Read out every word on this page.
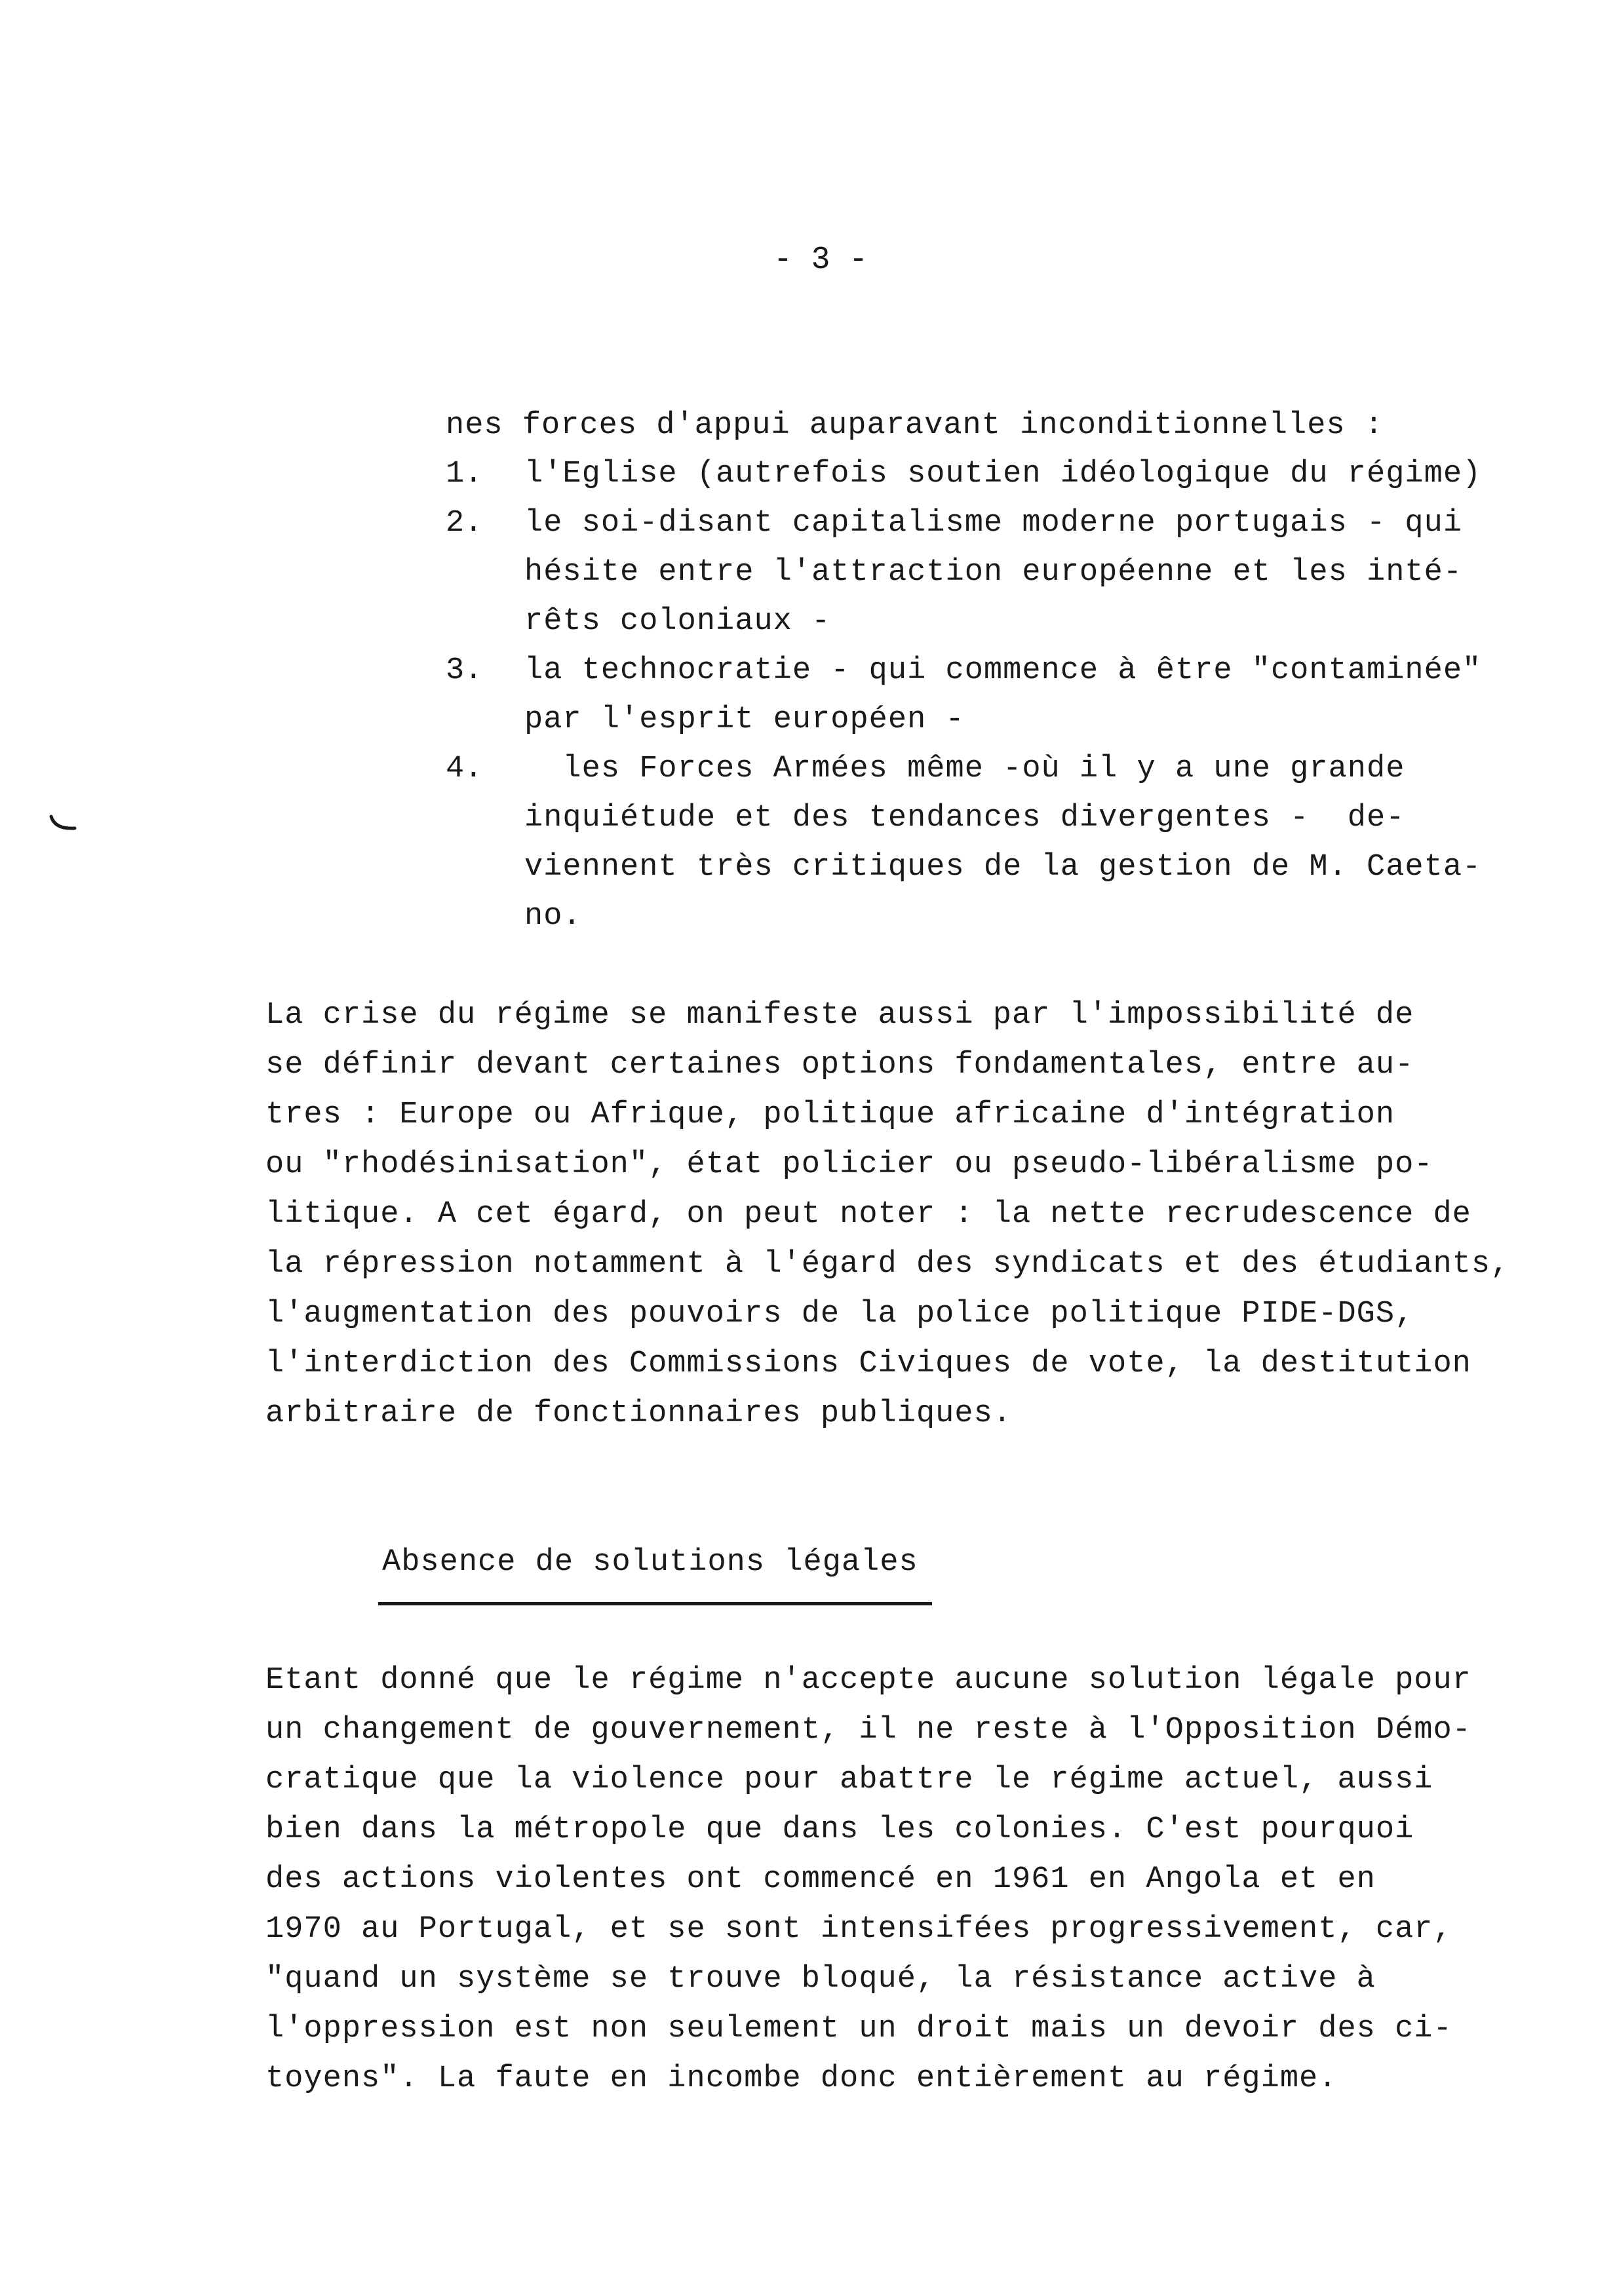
- 3 -
nes forces d'appui auparavant inconditionnelles :
1. l'Eglise (autrefois soutien idéologique du régime)
2. le soi-disant capitalisme moderne portugais - qui
hésite entre l'attraction européenne et les inté-
rêts coloniaux -
3. la technocratie - qui commence à être "contaminée"
par l'esprit européen -
4. les Forces Armées même -où il y a une grande
inquiétude et des tendances divergentes -  de-
viennent très critiques de la gestion de M. Caeta-
no.
La crise du régime se manifeste aussi par l'impossibilité de
se définir devant certaines options fondamentales, entre au-
tres : Europe ou Afrique, politique africaine d'intégration
ou "rhodésinisation", état policier ou pseudo-libéralisme po-
litique. A cet égard, on peut noter : la nette recrudescence de
la répression notamment à l'égard des syndicats et des étudiants,
l'augmentation des pouvoirs de la police politique PIDE-DGS,
l'interdiction des Commissions Civiques de vote, la destitution
arbitraire de fonctionnaires publiques.
Absence de solutions légales
Etant donné que le régime n'accepte aucune solution légale pour
un changement de gouvernement, il ne reste à l'Opposition Démo-
cratique que la violence pour abattre le régime actuel, aussi
bien dans la métropole que dans les colonies. C'est pourquoi
des actions violentes ont commencé en 1961 en Angola et en
1970 au Portugal, et se sont intensifées progressivement, car,
"quand un système se trouve bloqué, la résistance active à
l'oppression est non seulement un droit mais un devoir des ci-
toyens". La faute en incombe donc entièrement au régime.
